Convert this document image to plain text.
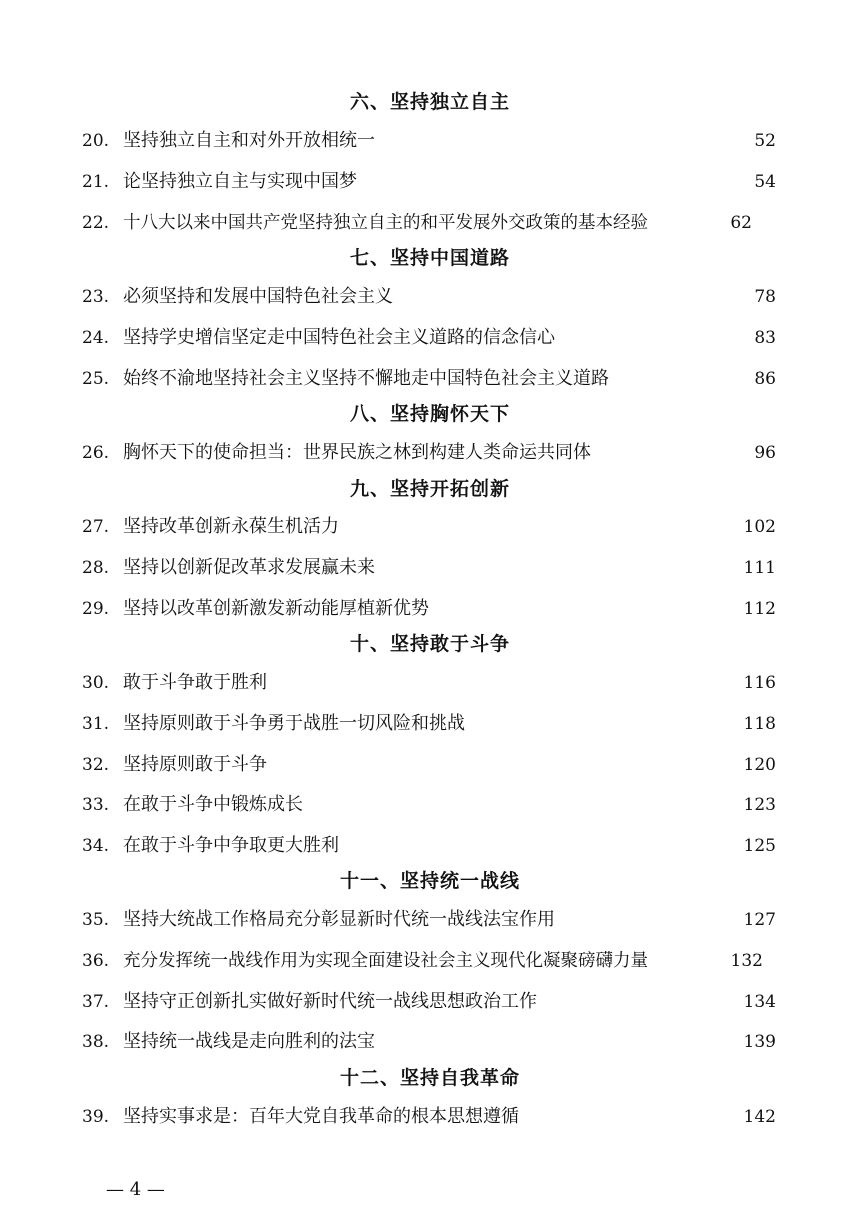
六、坚持独立自主
20. 坚持独立自主和对外开放相统一	52
21. 论坚持独立自主与实现中国梦	54
22. 十八大以来中国共产党坚持独立自主的和平发展外交政策的基本经验	62
七、坚持中国道路
23. 必须坚持和发展中国特色社会主义	78
24. 坚持学史增信坚定走中国特色社会主义道路的信念信心	83
25. 始终不渝地坚持社会主义坚持不懈地走中国特色社会主义道路	86
八、坚持胸怀天下
26. 胸怀天下的使命担当：世界民族之林到构建人类命运共同体	96
九、坚持开拓创新
27. 坚持改革创新永葆生机活力	102
28. 坚持以创新促改革求发展赢未来	111
29. 坚持以改革创新激发新动能厚植新优势	112
十、坚持敢于斗争
30. 敢于斗争敢于胜利	116
31. 坚持原则敢于斗争勇于战胜一切风险和挑战	118
32. 坚持原则敢于斗争	120
33. 在敢于斗争中锻炼成长	123
34. 在敢于斗争中争取更大胜利	125
十一、坚持统一战线
35. 坚持大统战工作格局充分彰显新时代统一战线法宝作用	127
36. 充分发挥统一战线作用为实现全面建设社会主义现代化凝聚磅礴力量	132
37. 坚持守正创新扎实做好新时代统一战线思想政治工作	134
38. 坚持统一战线是走向胜利的法宝	139
十二、坚持自我革命
39. 坚持实事求是：百年大党自我革命的根本思想遵循	142
— 4 —
